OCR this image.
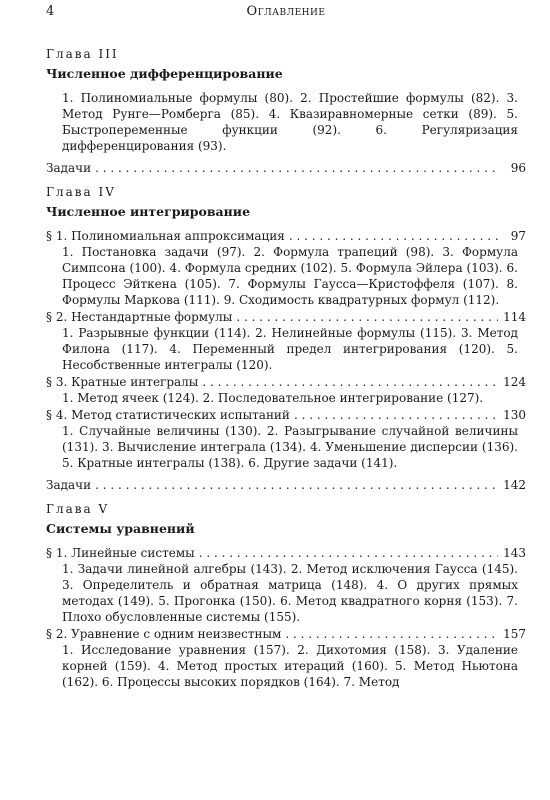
4	Оглавление
Глава III
Численное дифференцирование
1. Полиномиальные формулы (80). 2. Простейшие формулы (82). 3. Метод Рунге—Ромберга (85). 4. Квазиравномерные сетки (89). 5. Быстропеременные функции (92). 6. Регуляризация дифференцирования (93).
Задачи . . .	96
Глава IV
Численное интегрирование
§ 1. Полиномиальная аппроксимация . . .	97
1. Постановка задачи (97). 2. Формула трапеций (98). 3. Формула Симпсона (100). 4. Формула средних (102). 5. Формула Эйлера (103). 6. Процесс Эйткена (105). 7. Формулы Гаусса—Кристоффеля (107). 8. Формулы Маркова (111). 9. Сходимость квадратурных формул (112).
§ 2. Нестандартные формулы . . .	114
1. Разрывные функции (114). 2. Нелинейные формулы (115). 3. Метод Филона (117). 4. Переменный предел интегрирования (120). 5. Несобственные интегралы (120).
§ 3. Кратные интегралы . . .	124
1. Метод ячеек (124). 2. Последовательное интегрирование (127).
§ 4. Метод статистических испытаний . . .	130
1. Случайные величины (130). 2. Разыгрывание случайной величины (131). 3. Вычисление интеграла (134). 4. Уменьшение дисперсии (136). 5. Кратные интегралы (138). 6. Другие задачи (141).
Задачи . . .	142
Глава V
Системы уравнений
§ 1. Линейные системы . . .	143
1. Задачи линейной алгебры (143). 2. Метод исключения Гаусса (145). 3. Определитель и обратная матрица (148). 4. О других прямых методах (149). 5. Прогонка (150). 6. Метод квадратного корня (153). 7. Плохо обусловленные системы (155).
§ 2. Уравнение с одним неизвестным . . .	157
1. Исследование уравнения (157). 2. Дихотомия (158). 3. Удаление корней (159). 4. Метод простых итераций (160). 5. Метод Ньютона (162). 6. Процессы высоких порядков (164). 7. Метод
